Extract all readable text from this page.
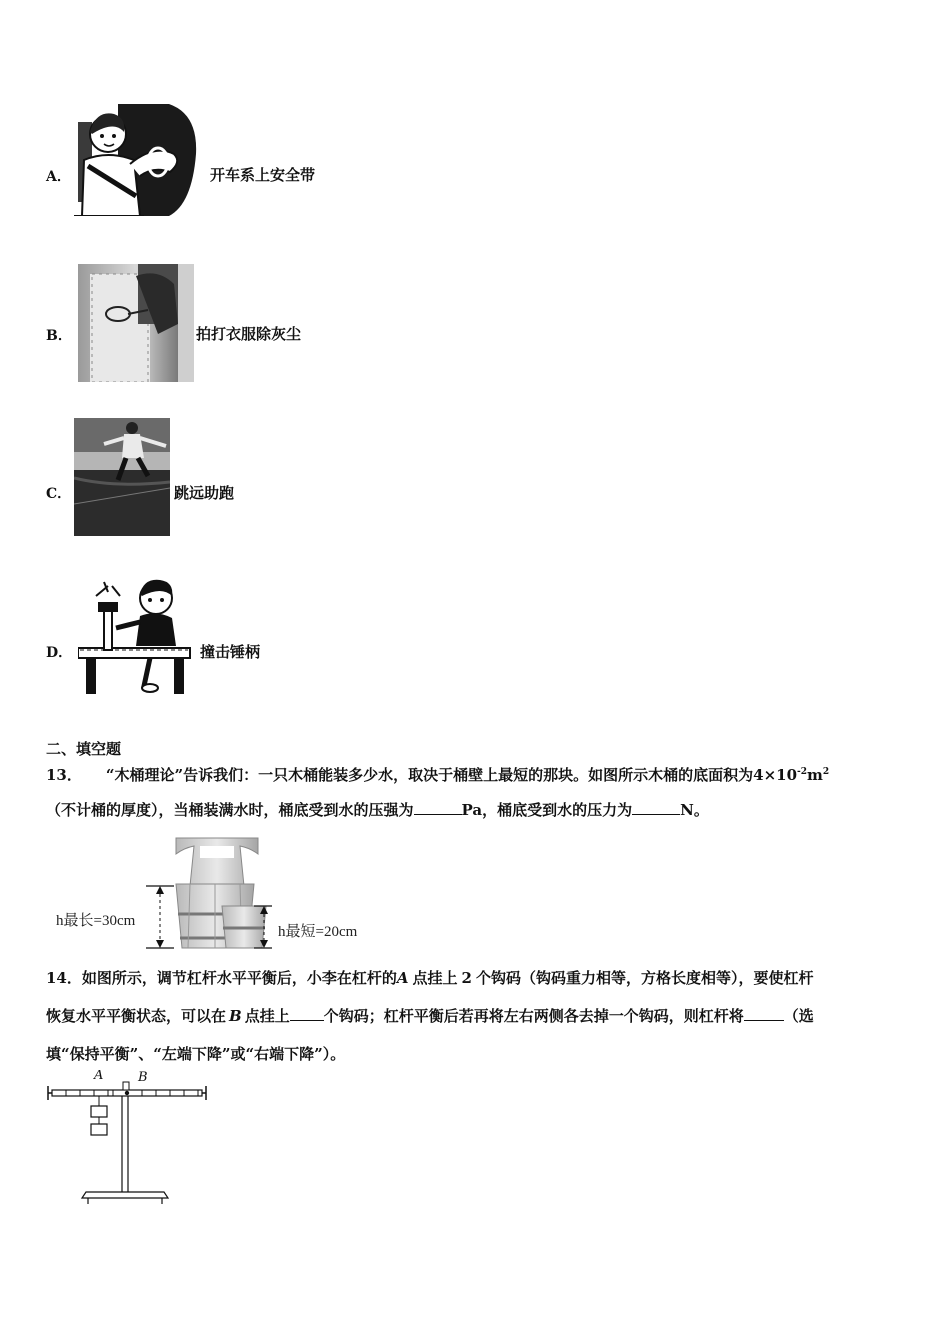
A．	开车系上安全带
B．	拍打衣服除灰尘
C．	跳远助跑
D．	撞击锤柄
二、填空题
13． “木桶理论”告诉我们：一只木桶能装多少水，取决于桶壁上最短的那块。如图所示木桶的底面积为$4\times 10^{-2}m^2$
（不计桶的厚度），当桶装满水时，桶底受到水的压强为	Pa，桶底受到水的压力为	N。
h最长=30cm
h最短=20cm
14．如图所示，调节杠杆水平平衡后，小李在杠杆的A 点挂上 2 个钩码（钩码重力相等，方格长度相等），要使杠杆
恢复水平平衡状态，可以在 B 点挂上 个钩码；杠杆平衡后若再将左右两侧各去掉一个钩码，则杠杆将	（选
填“保持平衡”、“左端下降”或“右端下降”）。
A	B
